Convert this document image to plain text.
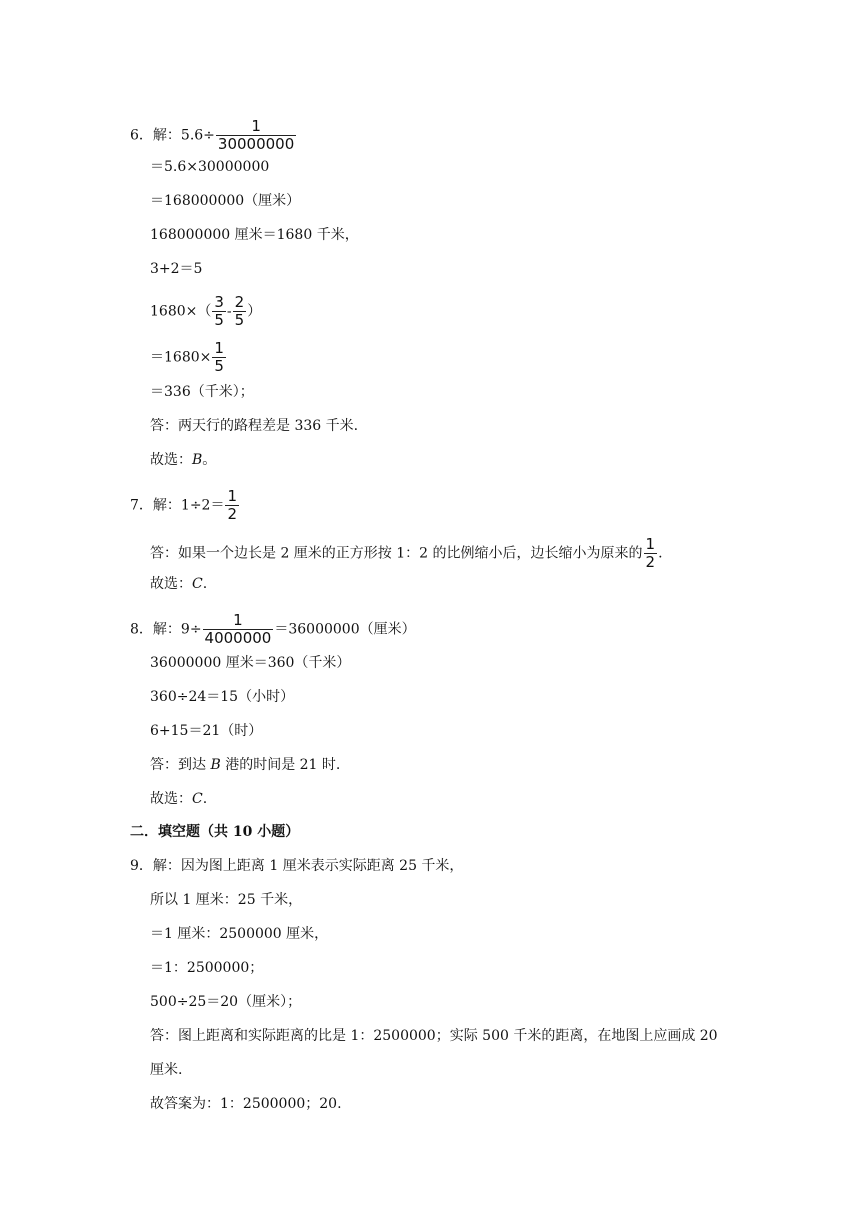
6．解：$5.6\div \frac{1}{30000000}$
＝5.6×30000000
＝168000000（厘米）
168000000 厘米＝1680 千米，
3+2＝5
$1680\times( \frac{3}{5} - \frac{2}{5}$ ）
$=1680\times \frac{1}{5}$
＝336（千米）；
答：两天行的路程差是 336 千米.
故选：B。
7．解：$1\div 2= \frac{1}{2}$
答：如果一个边长是 2 厘米的正方形按 1：2 的比例缩小后，边长缩小为原来的 $\frac{1}{2}$ .
故选：C.
8．解：$9\div \frac{1}{4000000} =36000000$（厘米）
36000000 厘米＝360（千米）
360÷24＝15（小时）
6+15＝21（时）
答：到达 B 港的时间是 21 时.
故选：C.
二．填空题（共 10 小题）
9．解：因为图上距离 1 厘米表示实际距离 25 千米，
所以 1 厘米：25 千米，
＝1 厘米：2500000 厘米，
＝1：2500000；
500÷25＝20（厘米）；
答：图上距离和实际距离的比是 1：2500000；实际 500 千米的距离，在地图上应画成 20
厘米.
故答案为：1：2500000；20.
